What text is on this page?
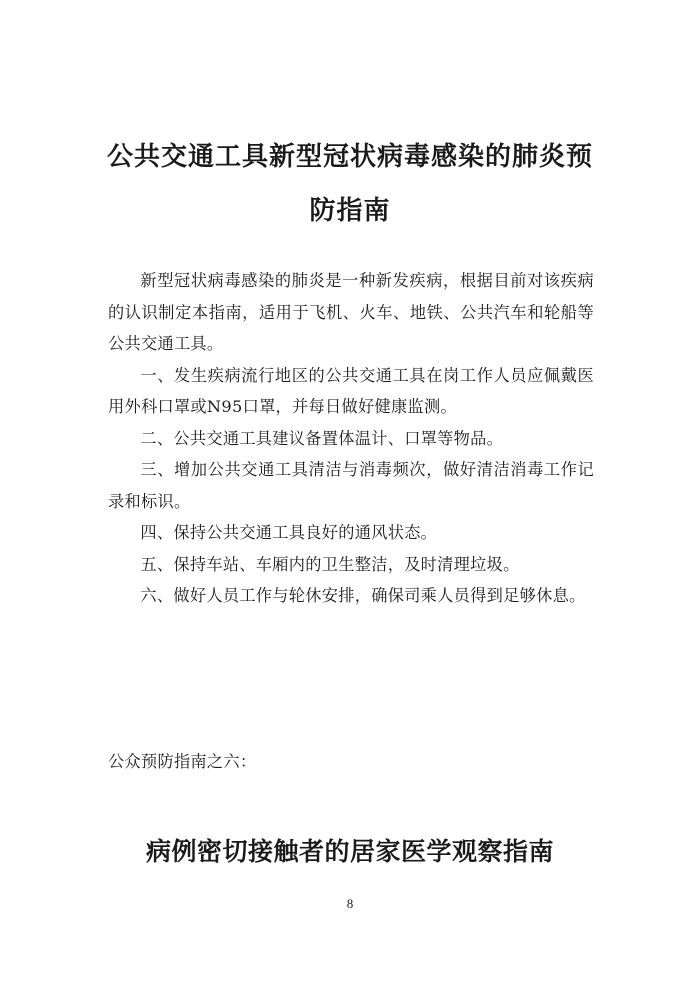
公共交通工具新型冠状病毒感染的肺炎预
防指南

新型冠状病毒感染的肺炎是一种新发疾病，根据目前对该疾病的认识制定本指南，适用于飞机、火车、地铁、公共汽车和轮船等公共交通工具。

一、发生疾病流行地区的公共交通工具在岗工作人员应佩戴医用外科口罩或N95口罩，并每日做好健康监测。

二、公共交通工具建议备置体温计、口罩等物品。

三、增加公共交通工具清洁与消毒频次，做好清洁消毒工作记录和标识。

四、保持公共交通工具良好的通风状态。

五、保持车站、车厢内的卫生整洁，及时清理垃圾。

六、做好人员工作与轮休安排，确保司乘人员得到足够休息。

公众预防指南之六：
病例密切接触者的居家医学观察指南
8
